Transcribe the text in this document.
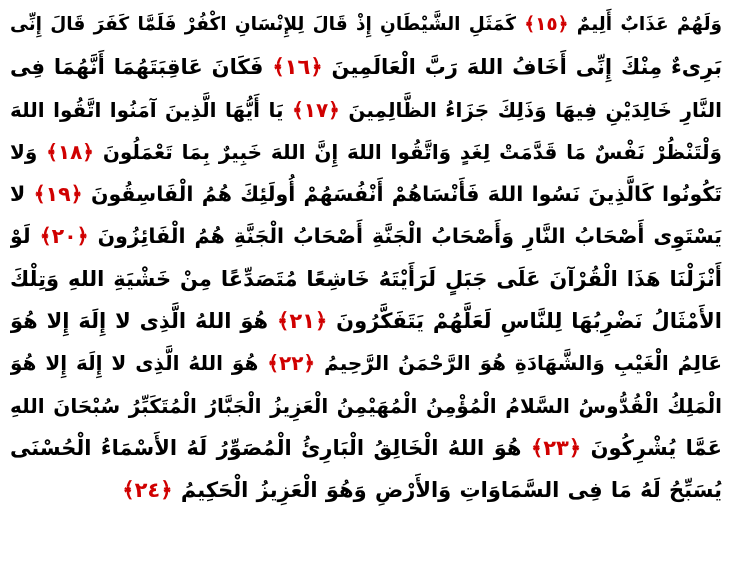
وَلَهُمْ عَذَابٌ أَلِيمٌ ﴿١٥﴾ كَمَثَلِ الشَّيْطَانِ إِذْ قَالَ لِلإِنْسَانِ اكْفُرْ فَلَمَّا كَفَرَ قَالَ إِنِّى
بَرِىءٌ مِنْكَ إِنِّى أَخَافُ اللهَ رَبَّ الْعَالَمِينَ ﴿١٦﴾ فَكَانَ عَاقِبَتَهُمَا أَنَّهُمَا فِى
النَّارِ خَالِدَيْنِ فِيهَا وَذَلِكَ جَزَاءُ الظَّالِمِينَ ﴿١٧﴾ يَا أَيُّهَا الَّذِينَ آمَنُوا اتَّقُوا اللهَ
وَلْتَنْظُرْ نَفْسٌ مَا قَدَّمَتْ لِغَدٍ وَاتَّقُوا اللهَ إِنَّ اللهَ خَبِيرٌ بِمَا تَعْمَلُونَ ﴿١٨﴾ وَلا
تَكُونُوا كَالَّذِينَ نَسُوا اللهَ فَأَنْسَاهُمْ أَنْفُسَهُمْ أُولَئِكَ هُمُ الْفَاسِقُونَ ﴿١٩﴾ لا
يَسْتَوِى أَصْحَابُ النَّارِ وَأَصْحَابُ الْجَنَّةِ أَصْحَابُ الْجَنَّةِ هُمُ الْفَائِزُونَ ﴿٢٠﴾ لَوْ
أَنْزَلْنَا هَذَا الْقُرْآنَ عَلَى جَبَلٍ لَرَأَيْتَهُ خَاشِعًا مُتَصَدِّعًا مِنْ خَشْيَةِ اللهِ وَتِلْكَ
الأَمْثَالُ نَضْرِبُهَا لِلنَّاسِ لَعَلَّهُمْ يَتَفَكَّرُونَ ﴿٢١﴾ هُوَ اللهُ الَّذِى لا إِلَهَ إِلا هُوَ
عَالِمُ الْغَيْبِ وَالشَّهَادَةِ هُوَ الرَّحْمَنُ الرَّحِيمُ ﴿٢٢﴾ هُوَ اللهُ الَّذِى لا إِلَهَ إِلا هُوَ
الْمَلِكُ الْقُدُّوسُ السَّلامُ الْمُؤْمِنُ الْمُهَيْمِنُ الْعَزِيزُ الْجَبَّارُ الْمُتَكَبِّرُ سُبْحَانَ اللهِ
عَمَّا يُشْرِكُونَ ﴿٢٣﴾ هُوَ اللهُ الْخَالِقُ الْبَارِئُ الْمُصَوِّرُ لَهُ الأَسْمَاءُ الْحُسْنَى
يُسَبِّحُ لَهُ مَا فِى السَّمَاوَاتِ وَالأَرْضِ وَهُوَ الْعَزِيزُ الْحَكِيمُ ﴿٢٤﴾
